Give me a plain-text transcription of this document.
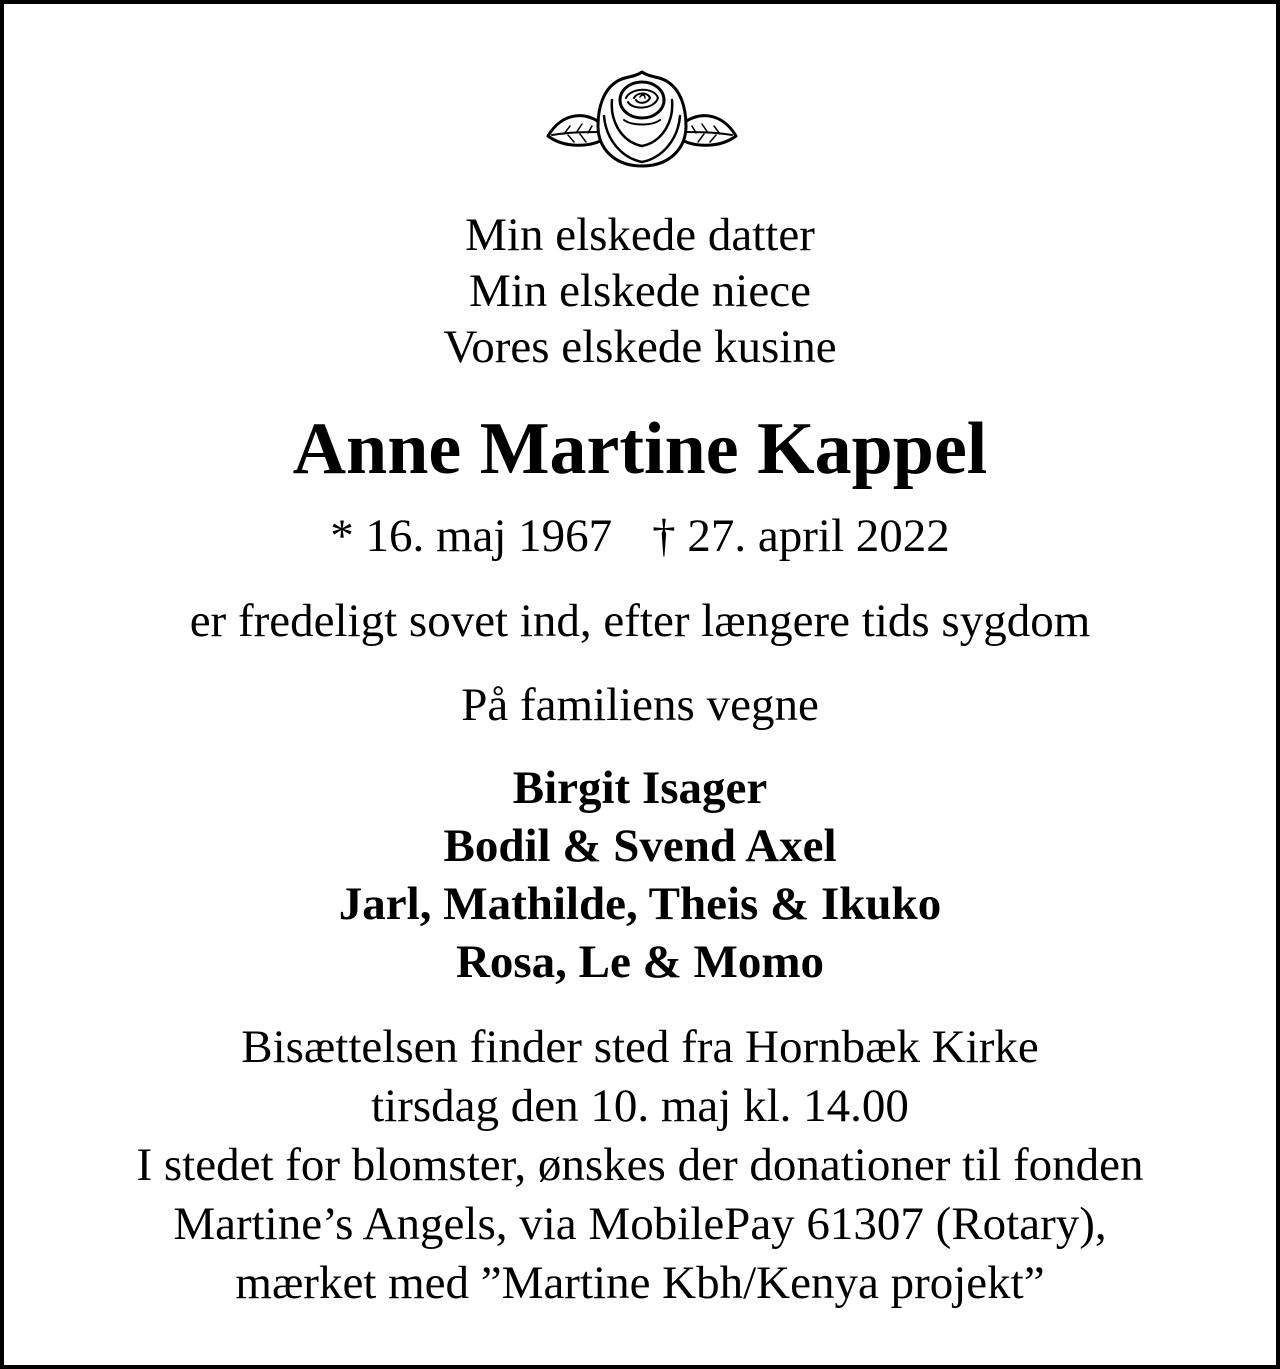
Min elskede datter
Min elskede niece
Vores elskede kusine
Anne Martine Kappel
* 16. maj 1967 † 27. april 2022
er fredeligt sovet ind, efter længere tids sygdom
På familiens vegne
Birgit Isager
Bodil & Svend Axel
Jarl, Mathilde, Theis & Ikuko
Rosa, Le & Momo
Bisættelsen finder sted fra Hornbæk Kirke
tirsdag den 10. maj kl. 14.00
I stedet for blomster, ønskes der donationer til fonden
Martine’s Angels, via MobilePay 61307 (Rotary),
mærket med ”Martine Kbh/Kenya projekt”
